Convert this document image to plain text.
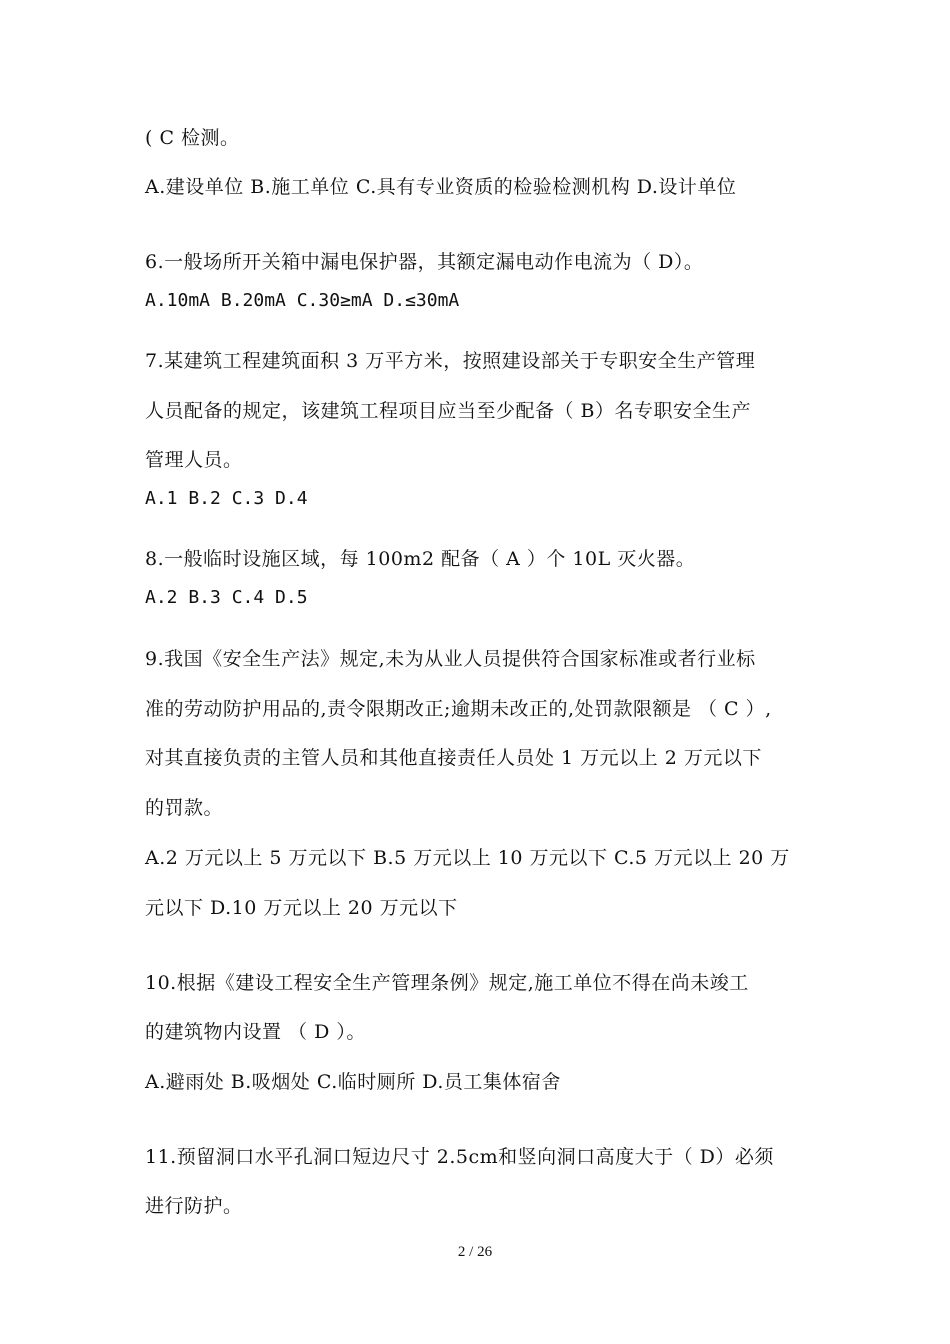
( C 检测。
A.建设单位 B.施工单位 C.具有专业资质的检验检测机构 D.设计单位
6.一般场所开关箱中漏电保护器，其额定漏电动作电流为（ D）。
A.10mA B.20mA C.30≥mA D.≤30mA
7.某建筑工程建筑面积 3 万平方米，按照建设部关于专职安全生产管理
人员配备的规定，该建筑工程项目应当至少配备（ B）名专职安全生产
管理人员。
A.1 B.2 C.3 D.4
8.一般临时设施区域，每 100m2 配备（ A ）个 10L 灭火器。
A.2 B.3 C.4 D.5
9.我国《安全生产法》规定,未为从业人员提供符合国家标准或者行业标
准的劳动防护用品的,责令限期改正;逾期未改正的,处罚款限额是 （ C ）,
对其直接负责的主管人员和其他直接责任人员处 1 万元以上 2 万元以下
的罚款。
A.2 万元以上 5 万元以下 B.5 万元以上 10 万元以下 C.5 万元以上 20 万
元以下 D.10 万元以上 20 万元以下
10.根据《建设工程安全生产管理条例》规定,施工单位不得在尚未竣工
的建筑物内设置 （ D ）。
A.避雨处 B.吸烟处 C.临时厕所 D.员工集体宿舍
11.预留洞口水平孔洞口短边尺寸 2.5cm和竖向洞口高度大于（ D）必须
进行防护。
2 / 26
